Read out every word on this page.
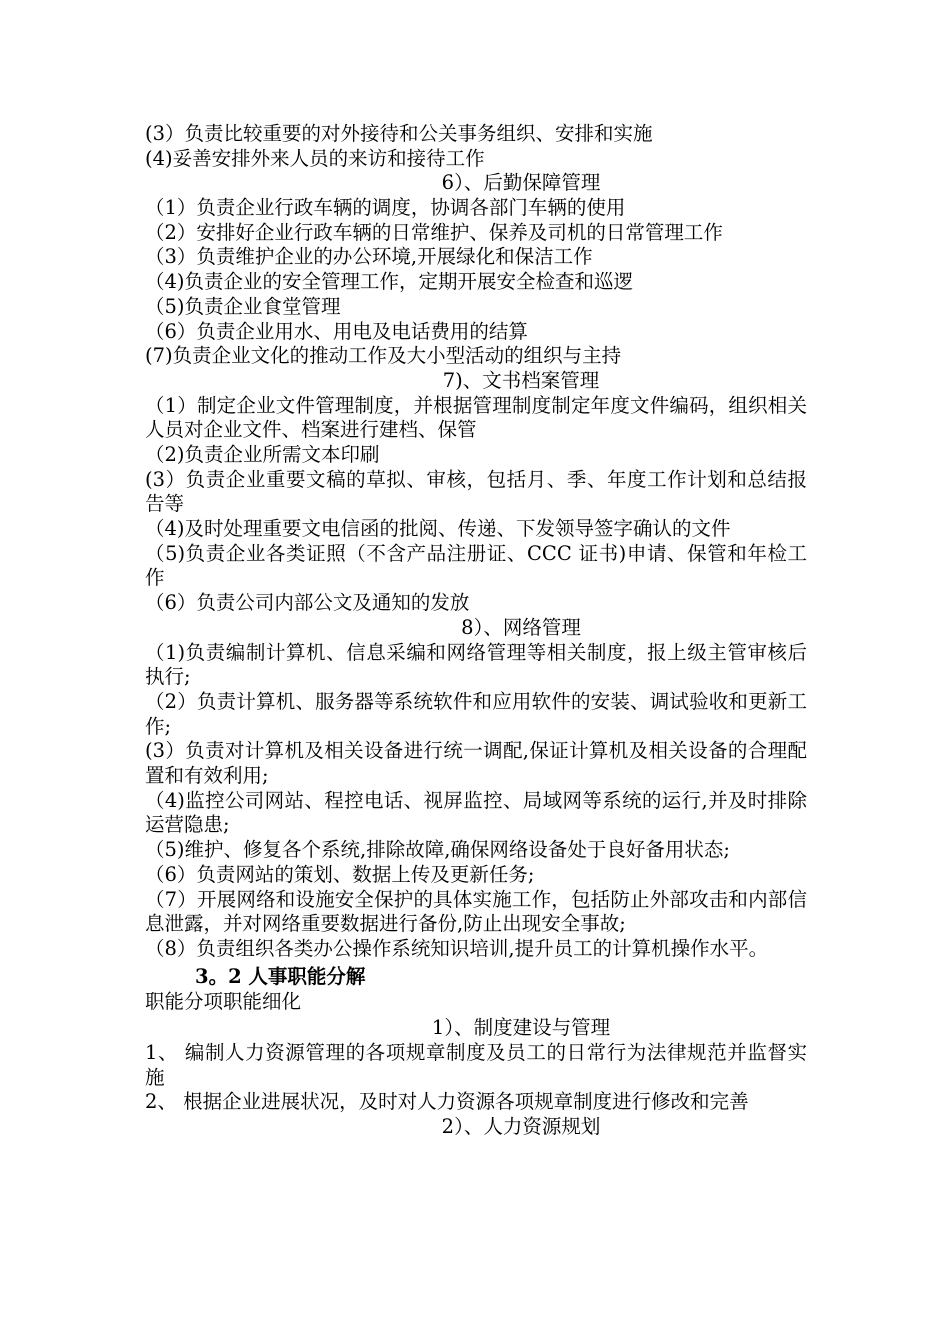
(3）负责比较重要的对外接待和公关事务组织、安排和实施
(4)妥善安排外来人员的来访和接待工作
6）、后勤保障管理
（1）负责企业行政车辆的调度，协调各部门车辆的使用
（2）安排好企业行政车辆的日常维护、保养及司机的日常管理工作
（3）负责维护企业的办公环境,开展绿化和保洁工作
（4)负责企业的安全管理工作，定期开展安全检查和巡逻
（5)负责企业食堂管理
（6）负责企业用水、用电及电话费用的结算
(7)负责企业文化的推动工作及大小型活动的组织与主持
7)、文书档案管理
（1）制定企业文件管理制度，并根据管理制度制定年度文件编码，组织相关人员对企业文件、档案进行建档、保管
（2)负责企业所需文本印刷
(3）负责企业重要文稿的草拟、审核，包括月、季、年度工作计划和总结报告等
（4)及时处理重要文电信函的批阅、传递、下发领导签字确认的文件
（5)负责企业各类证照（不含产品注册证、CCC 证书)申请、保管和年检工作
（6）负责公司内部公文及通知的发放
8）、网络管理
（1)负责编制计算机、信息采编和网络管理等相关制度，报上级主管审核后执行;
（2）负责计算机、服务器等系统软件和应用软件的安装、调试验收和更新工作;
(3）负责对计算机及相关设备进行统一调配,保证计算机及相关设备的合理配置和有效利用;
（4)监控公司网站、程控电话、视屏监控、局域网等系统的运行,并及时排除运营隐患;
（5)维护、修复各个系统,排除故障,确保网络设备处于良好备用状态;
（6）负责网站的策划、数据上传及更新任务;
（7）开展网络和设施安全保护的具体实施工作，包括防止外部攻击和内部信息泄露，并对网络重要数据进行备份,防止出现安全事故;
（8）负责组织各类办公操作系统知识培训,提升员工的计算机操作水平。
3。2 人事职能分解
职能分项职能细化
1）、制度建设与管理
1、 编制人力资源管理的各项规章制度及员工的日常行为法律规范并监督实施
2、 根据企业进展状况，及时对人力资源各项规章制度进行修改和完善
2）、人力资源规划
